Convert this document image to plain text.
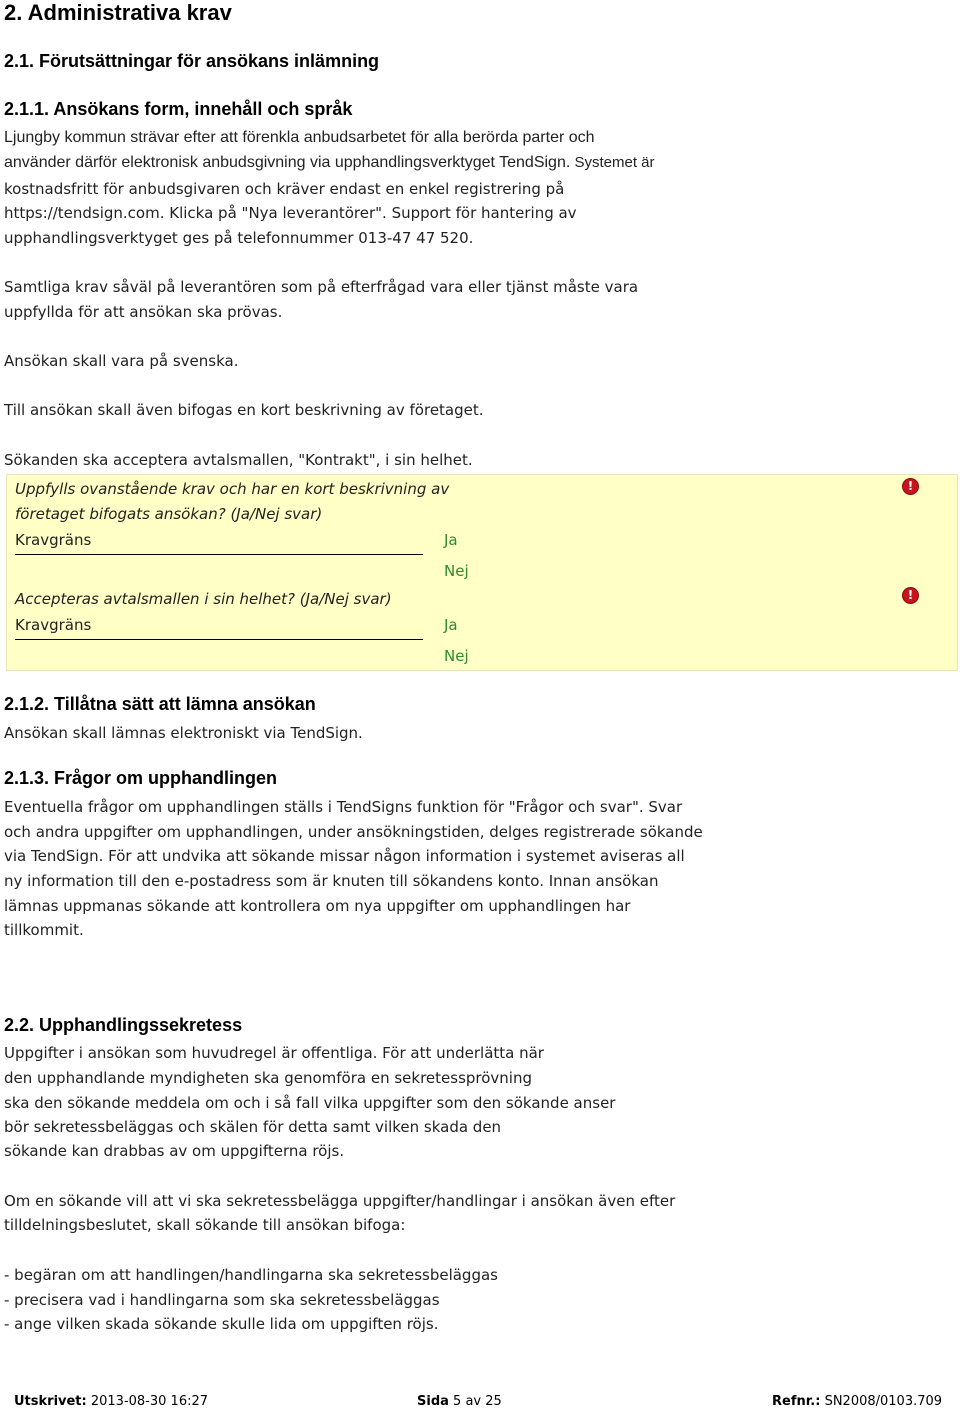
2. Administrativa krav
2.1. Förutsättningar för ansökans inlämning
2.1.1. Ansökans form, innehåll och språk
Ljungby kommun strävar efter att förenkla anbudsarbetet för alla berörda parter och
använder därför elektronisk anbudsgivning via upphandlingsverktyget TendSign. Systemet är
kostnadsfritt för anbudsgivaren och kräver endast en enkel registrering på
https://tendsign.com. Klicka på "Nya leverantörer". Support för hantering av
upphandlingsverktyget ges på telefonnummer 013-47 47 520.
Samtliga krav såväl på leverantören som på efterfrågad vara eller tjänst måste vara
uppfyllda för att ansökan ska prövas.
Ansökan skall vara på svenska.
Till ansökan skall även bifogas en kort beskrivning av företaget.
Sökanden ska acceptera avtalsmallen, "Kontrakt", i sin helhet.
Uppfylls ovanstående krav och har en kort beskrivning av
företaget bifogats ansökan? (Ja/Nej svar)
!
Kravgräns	Ja
Nej
Accepteras avtalsmallen i sin helhet? (Ja/Nej svar)	!
Kravgräns	Ja
Nej
2.1.2. Tillåtna sätt att lämna ansökan
Ansökan skall lämnas elektroniskt via TendSign.
2.1.3. Frågor om upphandlingen
Eventuella frågor om upphandlingen ställs i TendSigns funktion för "Frågor och svar". Svar
och andra uppgifter om upphandlingen, under ansökningstiden, delges registrerade sökande
via TendSign. För att undvika att sökande missar någon information i systemet aviseras all
ny information till den e-postadress som är knuten till sökandens konto. Innan ansökan
lämnas uppmanas sökande att kontrollera om nya uppgifter om upphandlingen har
tillkommit.
2.2. Upphandlingssekretess
Uppgifter i ansökan som huvudregel är offentliga. För att underlätta när
den upphandlande myndigheten ska genomföra en sekretessprövning
ska den sökande meddela om och i så fall vilka uppgifter som den sökande anser
bör sekretessbeläggas och skälen för detta samt vilken skada den
sökande kan drabbas av om uppgifterna röjs.
Om en sökande vill att vi ska sekretessbelägga uppgifter/handlingar i ansökan även efter
tilldelningsbeslutet, skall sökande till ansökan bifoga:
- begäran om att handlingen/handlingarna ska sekretessbeläggas
- precisera vad i handlingarna som ska sekretessbeläggas
- ange vilken skada sökande skulle lida om uppgiften röjs.
Utskrivet: 2013-08-30 16:27	Sida 5 av 25	Refnr.: SN2008/0103.709
